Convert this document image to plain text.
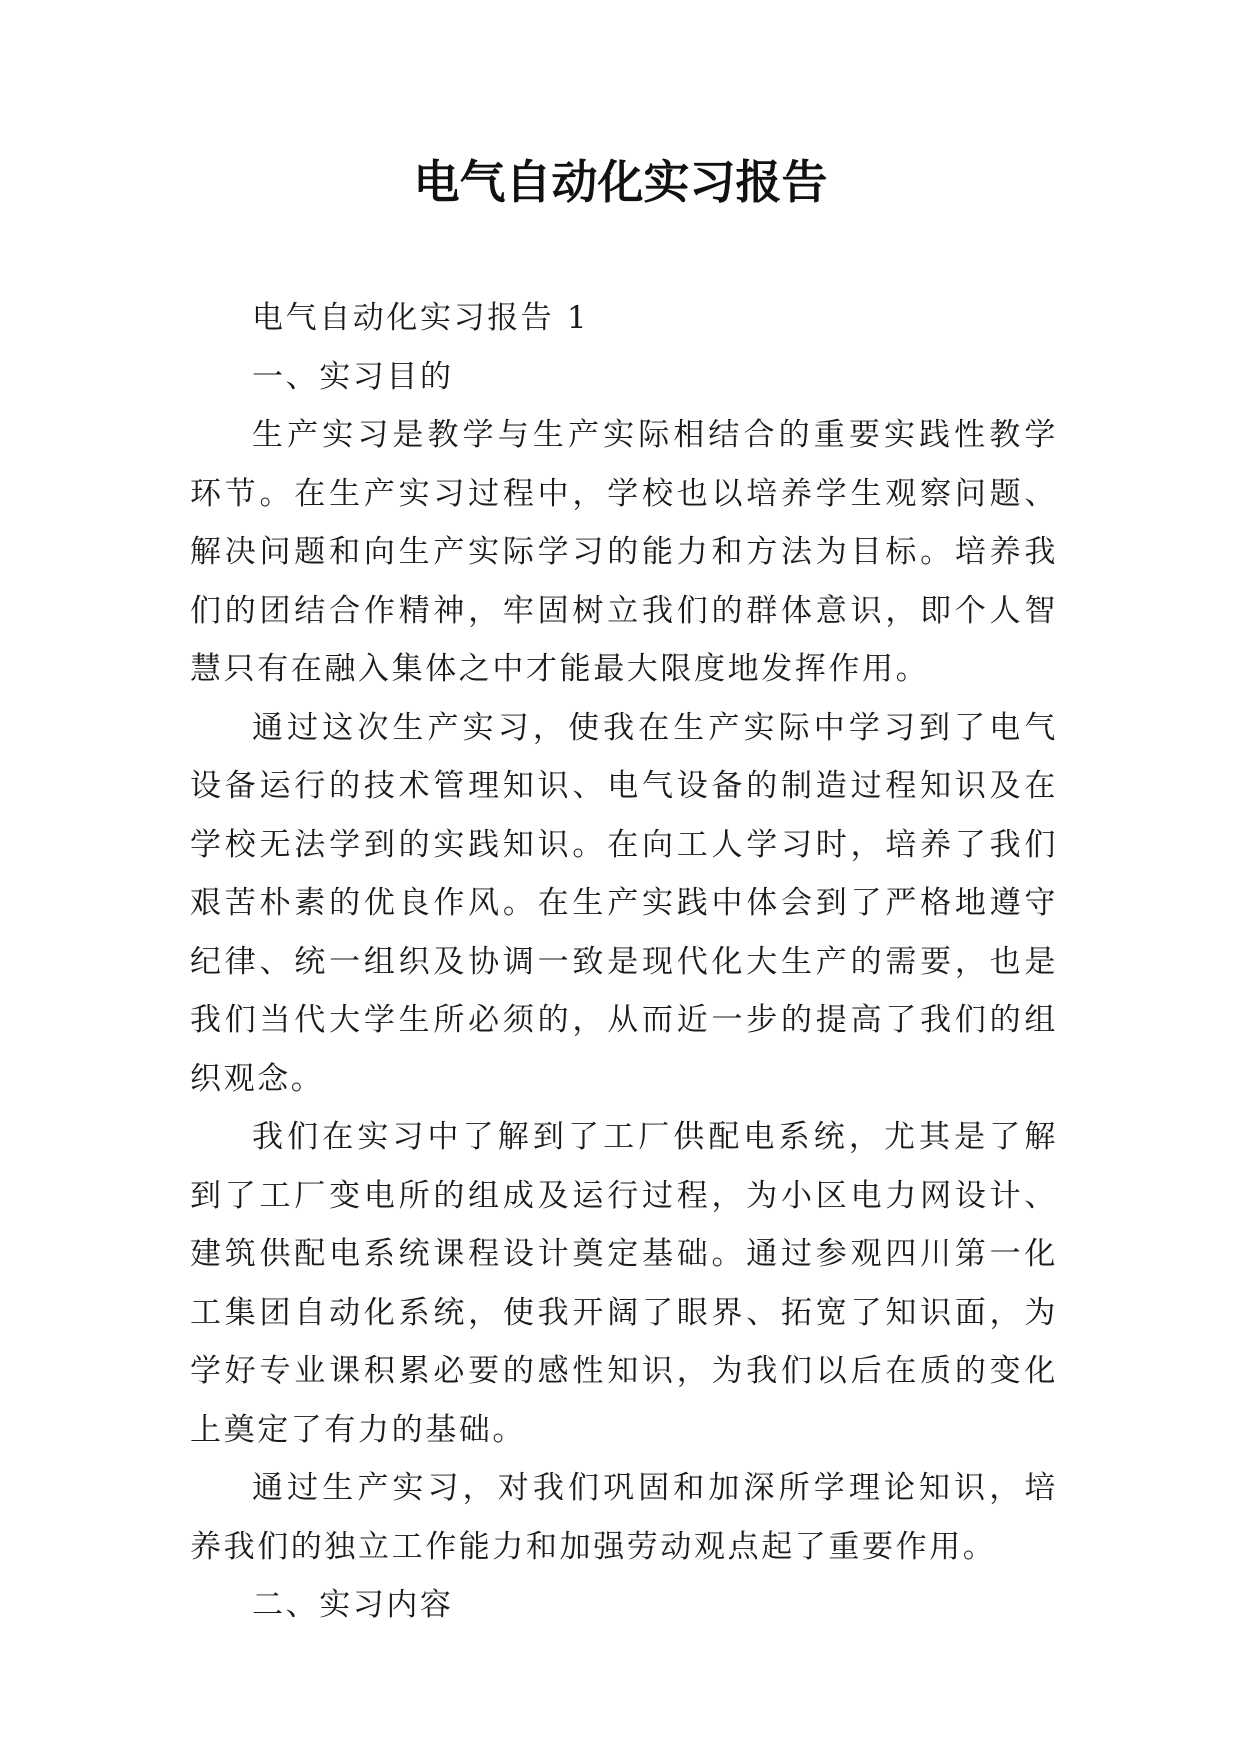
电气自动化实习报告

电气自动化实习报告 1

一、实习目的

生产实习是教学与生产实际相结合的重要实践性教学环节。在生产实习过程中，学校也以培养学生观察问题、解决问题和向生产实际学习的能力和方法为目标。培养我们的团结合作精神，牢固树立我们的群体意识，即个人智慧只有在融入集体之中才能最大限度地发挥作用。

通过这次生产实习，使我在生产实际中学习到了电气设备运行的技术管理知识、电气设备的制造过程知识及在学校无法学到的实践知识。在向工人学习时，培养了我们艰苦朴素的优良作风。在生产实践中体会到了严格地遵守纪律、统一组织及协调一致是现代化大生产的需要，也是我们当代大学生所必须的，从而近一步的提高了我们的组织观念。

我们在实习中了解到了工厂供配电系统，尤其是了解到了工厂变电所的组成及运行过程，为小区电力网设计、建筑供配电系统课程设计奠定基础。通过参观四川第一化工集团自动化系统，使我开阔了眼界、拓宽了知识面，为学好专业课积累必要的感性知识，为我们以后在质的变化上奠定了有力的基础。

通过生产实习，对我们巩固和加深所学理论知识，培养我们的独立工作能力和加强劳动观点起了重要作用。

二、实习内容
